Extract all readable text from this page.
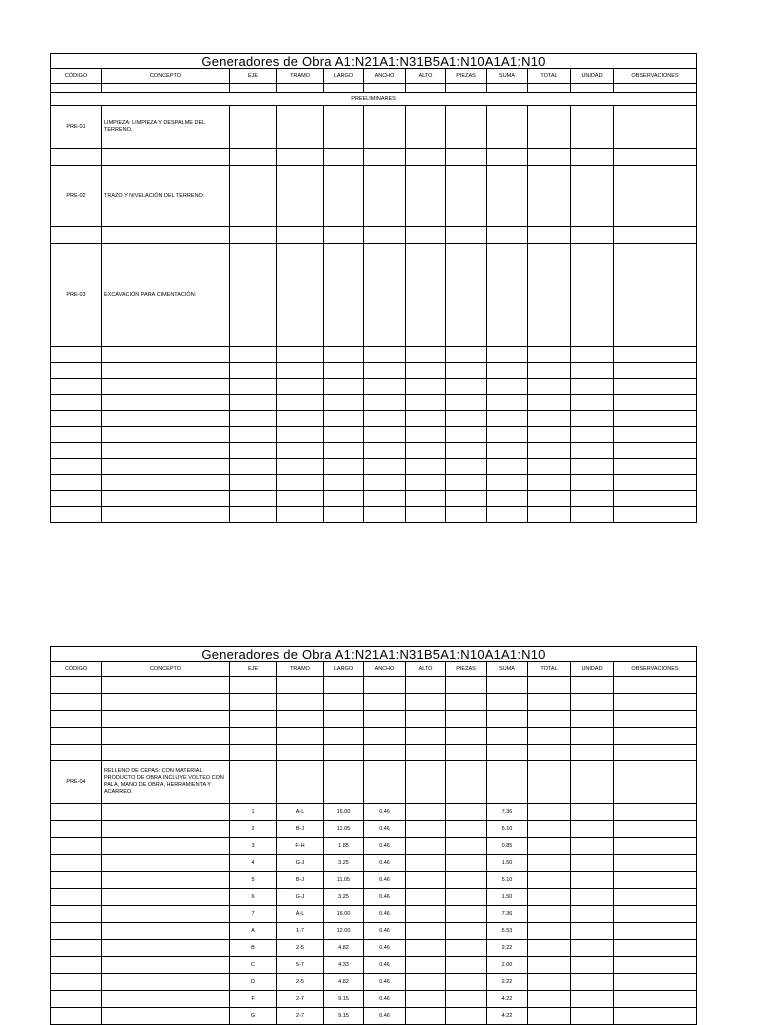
Generadores de Obra A1:N21A1:N31B5A1:N10A1A1:N10											
CÓDIGO	CONCEPTO	EJE	TRAMO	LARGO	ANCHO	ALTO	PIEZAS	SUMA	TOTAL	UNIDAD	OBSERVACIONES

PREELIMINARES											
PRE-01	LIMPIEZA: LIMPIEZA Y DESPALME DEL TERRENO.										

PRE-02	TRAZO Y NIVELACIÓN DEL TERRENO:										

PRE-03	EXCAVACIÓN PARA CIMENTACIÓN:										

Generadores de Obra A1:N21A1:N31B5A1:N10A1A1:N10											
CÓDIGO	CONCEPTO	EJE	TRAMO	LARGO	ANCHO	ALTO	PIEZAS	SUMA	TOTAL	UNIDAD	OBSERVACIONES

PRE-04	RELLENO DE CEPAS: CON MATERIAL PRODUCTO DE OBRA INCLUYE VOLTEO CON PALA, MANO DE OBRA, HERRAMIENTA Y ACARREO.										
		1	A-L	16.00	0.46			7.36			
		2	B-J	11.05	0.46			5.10			
		3	F-H	1.85	0.46			0.85			
		4	G-J	3.25	0.46			1.50			
		5	B-J	11.05	0.46			5.10			
		6	G-J	3.25	0.46			1.50			
		7	A-L	16.00	0.46			7.36			
		A	1-7	12.00	0.46			5.53			
		B	2-5	4.82	0.46			2.22			
		C	5-7	4.33	0.46			2.00			
		D	2-5	4.82	0.46			2.22			
		F	2-7	9.15	0.46			4.22			
		G	2-7	9.15	0.46			4.22			
